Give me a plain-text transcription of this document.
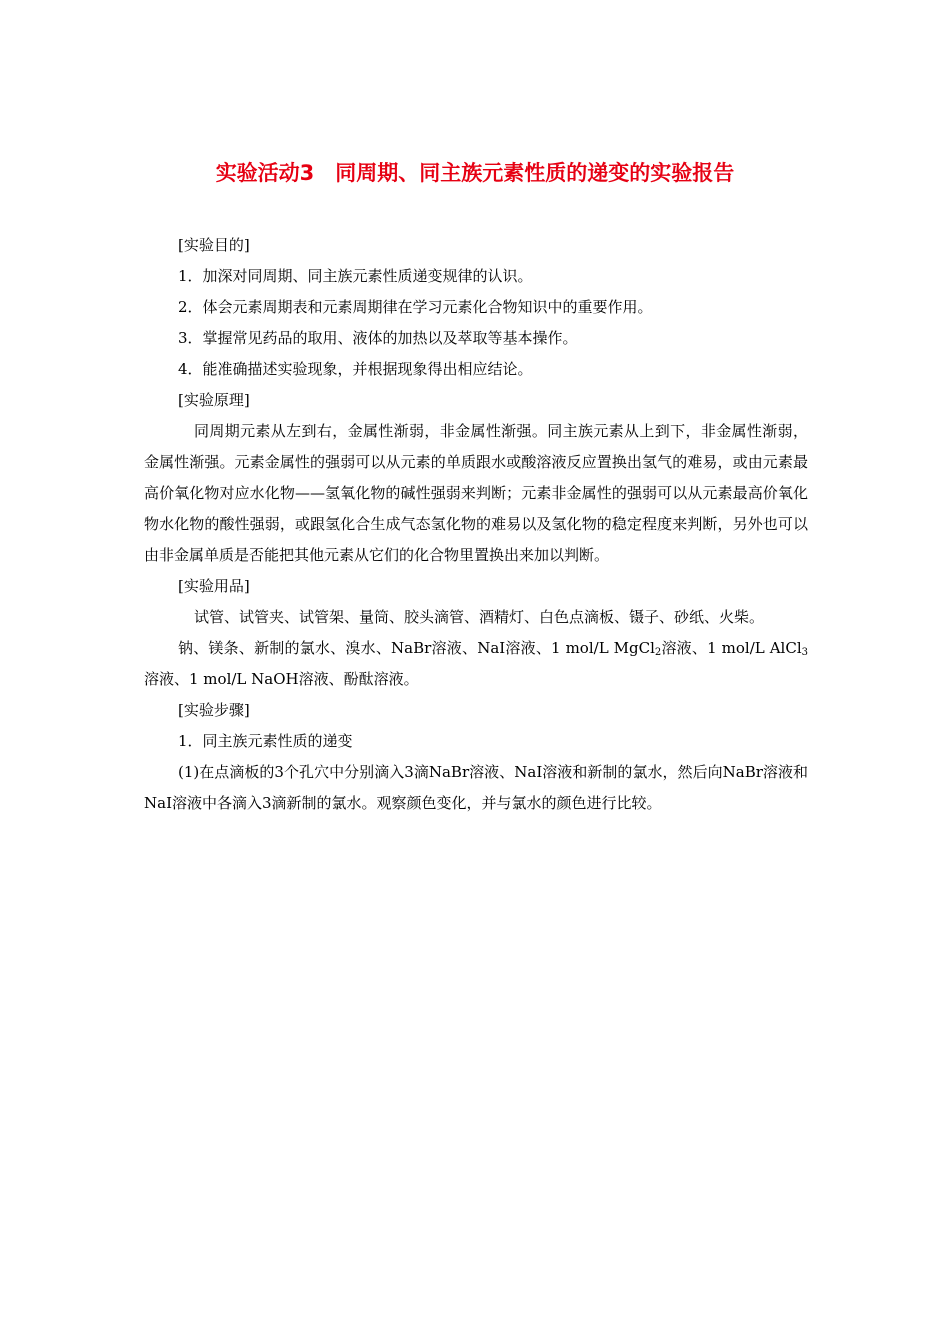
实验活动3　同周期、同主族元素性质的递变的实验报告

[实验目的]

1．加深对同周期、同主族元素性质递变规律的认识。

2．体会元素周期表和元素周期律在学习元素化合物知识中的重要作用。

3．掌握常见药品的取用、液体的加热以及萃取等基本操作。

4．能准确描述实验现象，并根据现象得出相应结论。

[实验原理]

同周期元素从左到右，金属性渐弱，非金属性渐强。同主族元素从上到下，非金属性渐弱，金属性渐强。元素金属性的强弱可以从元素的单质跟水或酸溶液反应置换出氢气的难易，或由元素最高价氧化物对应水化物——氢氧化物的碱性强弱来判断；元素非金属性的强弱可以从元素最高价氧化物水化物的酸性强弱，或跟氢化合生成气态氢化物的难易以及氢化物的稳定程度来判断，另外也可以由非金属单质是否能把其他元素从它们的化合物里置换出来加以判断。

[实验用品]

试管、试管夹、试管架、量筒、胶头滴管、酒精灯、白色点滴板、镊子、砂纸、火柴。

钠、镁条、新制的氯水、溴水、NaBr溶液、NaI溶液、1 mol/L MgCl$_2$溶液、1 mol/L AlCl$_3$溶液、1 mol/L NaOH溶液、酚酞溶液。

[实验步骤]

1．同主族元素性质的递变

(1)在点滴板的3个孔穴中分别滴入3滴NaBr溶液、NaI溶液和新制的氯水，然后向NaBr溶液和NaI溶液中各滴入3滴新制的氯水。观察颜色变化，并与氯水的颜色进行比较。
